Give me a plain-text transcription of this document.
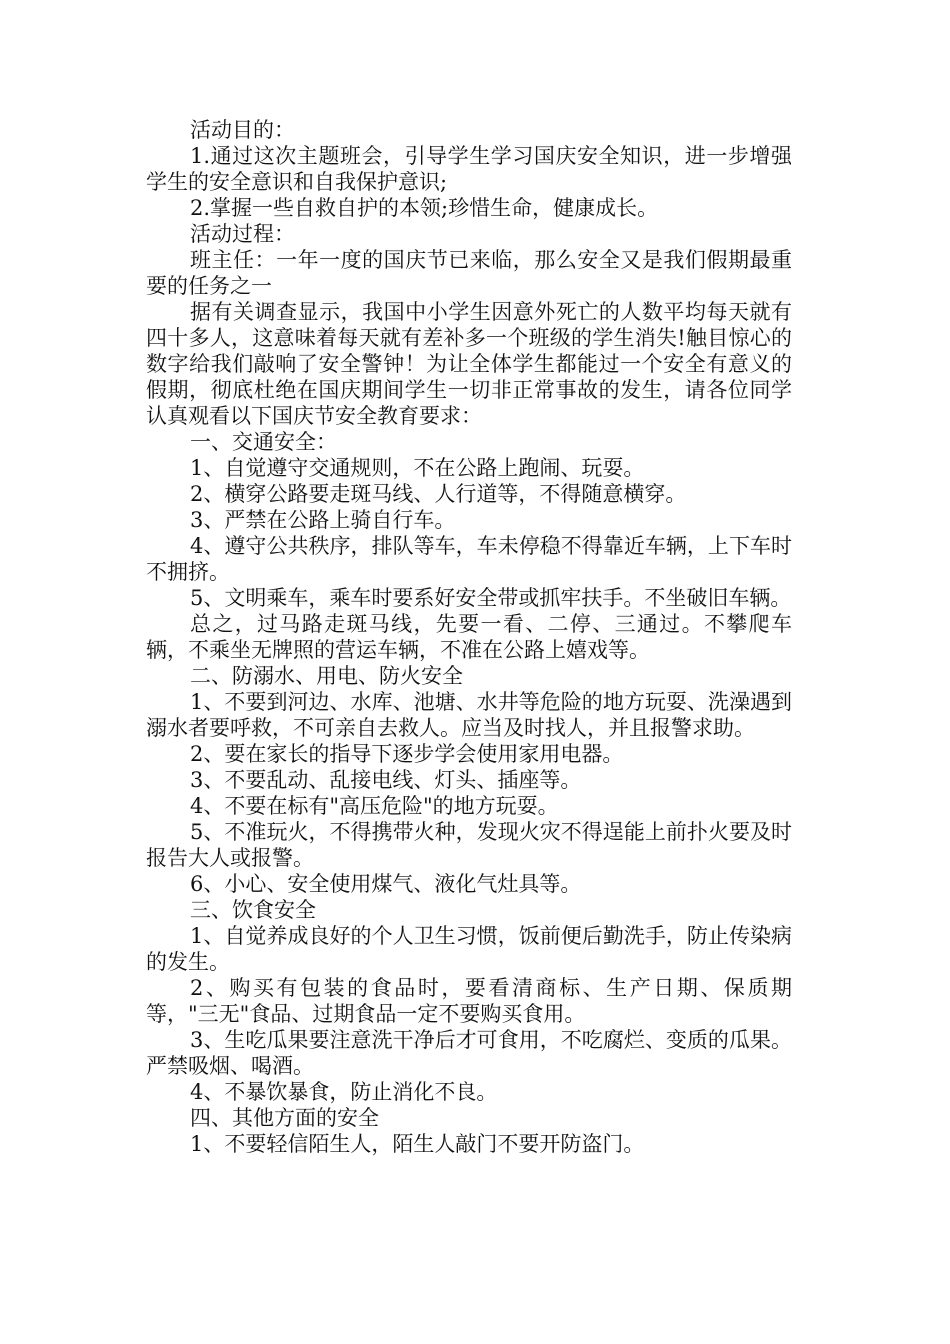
活动目的：

1.通过这次主题班会，引导学生学习国庆安全知识，进一步增强学生的安全意识和自我保护意识;

2.掌握一些自救自护的本领;珍惜生命，健康成长。

活动过程：

班主任：一年一度的国庆节已来临，那么安全又是我们假期最重要的任务之一

据有关调查显示，我国中小学生因意外死亡的人数平均每天就有四十多人，这意味着每天就有差补多一个班级的学生消失!触目惊心的数字给我们敲响了安全警钟！为让全体学生都能过一个安全有意义的假期，彻底杜绝在国庆期间学生一切非正常事故的发生，请各位同学认真观看以下国庆节安全教育要求：

一、交通安全：

1、自觉遵守交通规则，不在公路上跑闹、玩耍。

2、横穿公路要走斑马线、人行道等，不得随意横穿。

3、严禁在公路上骑自行车。

4、遵守公共秩序，排队等车，车未停稳不得靠近车辆，上下车时不拥挤。

5、文明乘车，乘车时要系好安全带或抓牢扶手。不坐破旧车辆。

总之，过马路走斑马线，先要一看、二停、三通过。不攀爬车辆，不乘坐无牌照的营运车辆，不准在公路上嬉戏等。

二、防溺水、用电、防火安全

1、不要到河边、水库、池塘、水井等危险的地方玩耍、洗澡遇到溺水者要呼救，不可亲自去救人。应当及时找人，并且报警求助。

2、要在家长的指导下逐步学会使用家用电器。

3、不要乱动、乱接电线、灯头、插座等。

4、不要在标有"高压危险"的地方玩耍。

5、不准玩火，不得携带火种，发现火灾不得逞能上前扑火要及时报告大人或报警。

6、小心、安全使用煤气、液化气灶具等。

三、饮食安全

1、自觉养成良好的个人卫生习惯，饭前便后勤洗手，防止传染病的发生。

2、购买有包装的食品时，要看清商标、生产日期、保质期等，"三无"食品、过期食品一定不要购买食用。

3、生吃瓜果要注意洗干净后才可食用，不吃腐烂、变质的瓜果。严禁吸烟、喝酒。

4、不暴饮暴食，防止消化不良。

四、其他方面的安全

1、不要轻信陌生人，陌生人敲门不要开防盗门。
